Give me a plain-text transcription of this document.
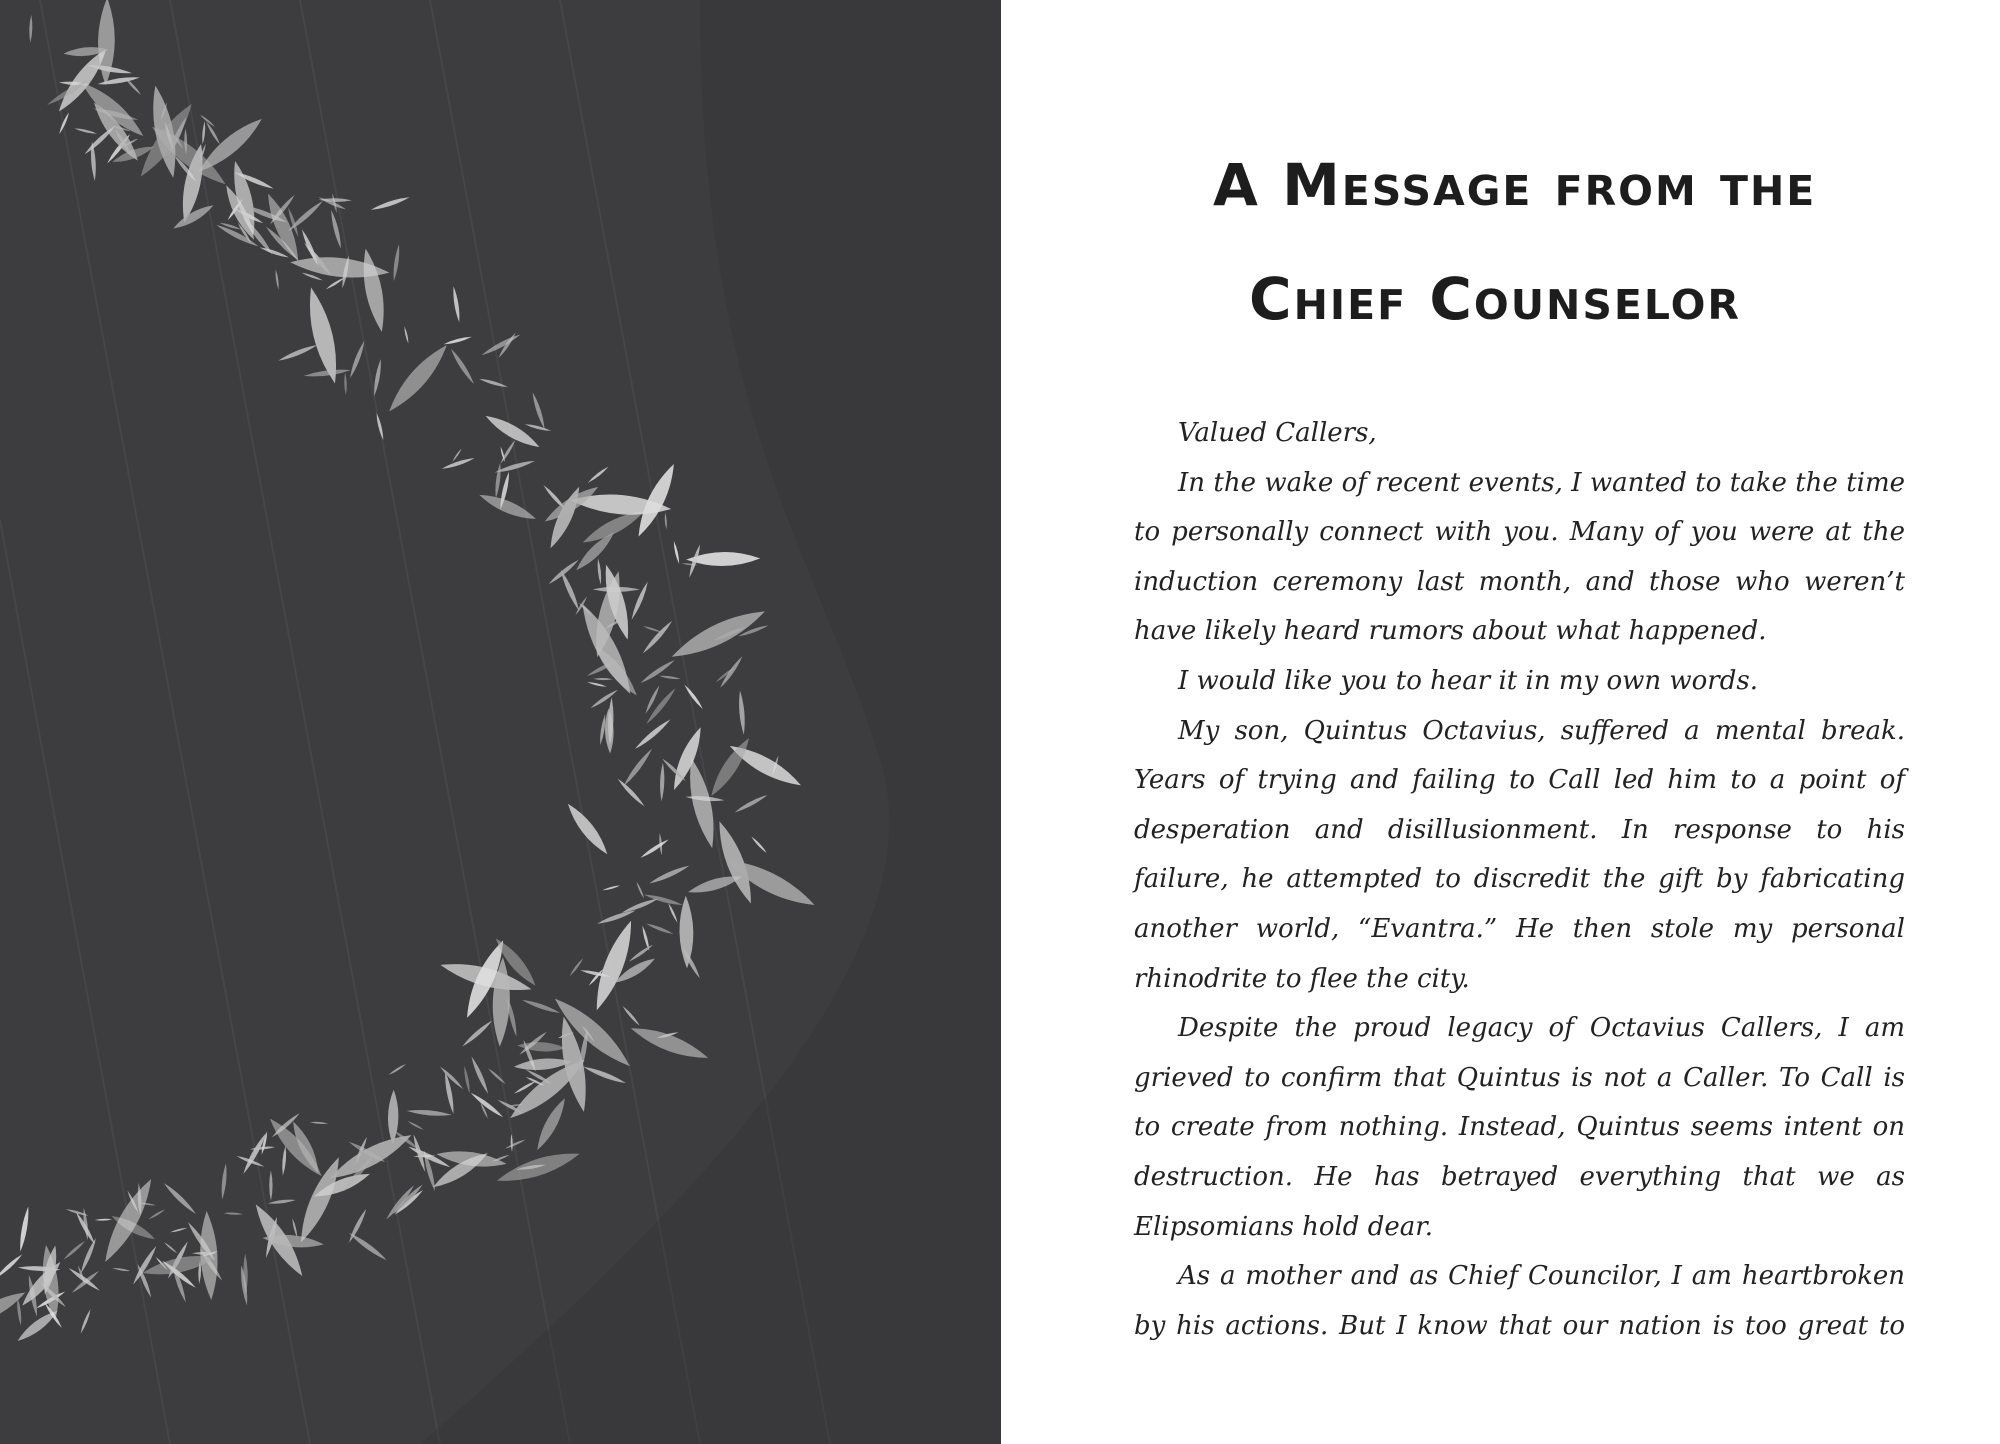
A Message from the
Chief Counselor

Valued Callers,

In the wake of recent events, I wanted to take the time to personally connect with you. Many of you were at the induction ceremony last month, and those who weren’t have likely heard rumors about what happened.

I would like you to hear it in my own words.

My son, Quintus Octavius, suffered a mental break. Years of trying and failing to Call led him to a point of desperation and disillusionment. In response to his failure, he attempted to discredit the gift by fabricating another world, “Evantra.” He then stole my personal rhinodrite to flee the city.

Despite the proud legacy of Octavius Callers, I am grieved to confirm that Quintus is not a Caller. To Call is to create from nothing. Instead, Quintus seems intent on destruction. He has betrayed everything that we as Elipsomians hold dear.

As a mother and as Chief Councilor, I am heartbroken by his actions. But I know that our nation is too great to
